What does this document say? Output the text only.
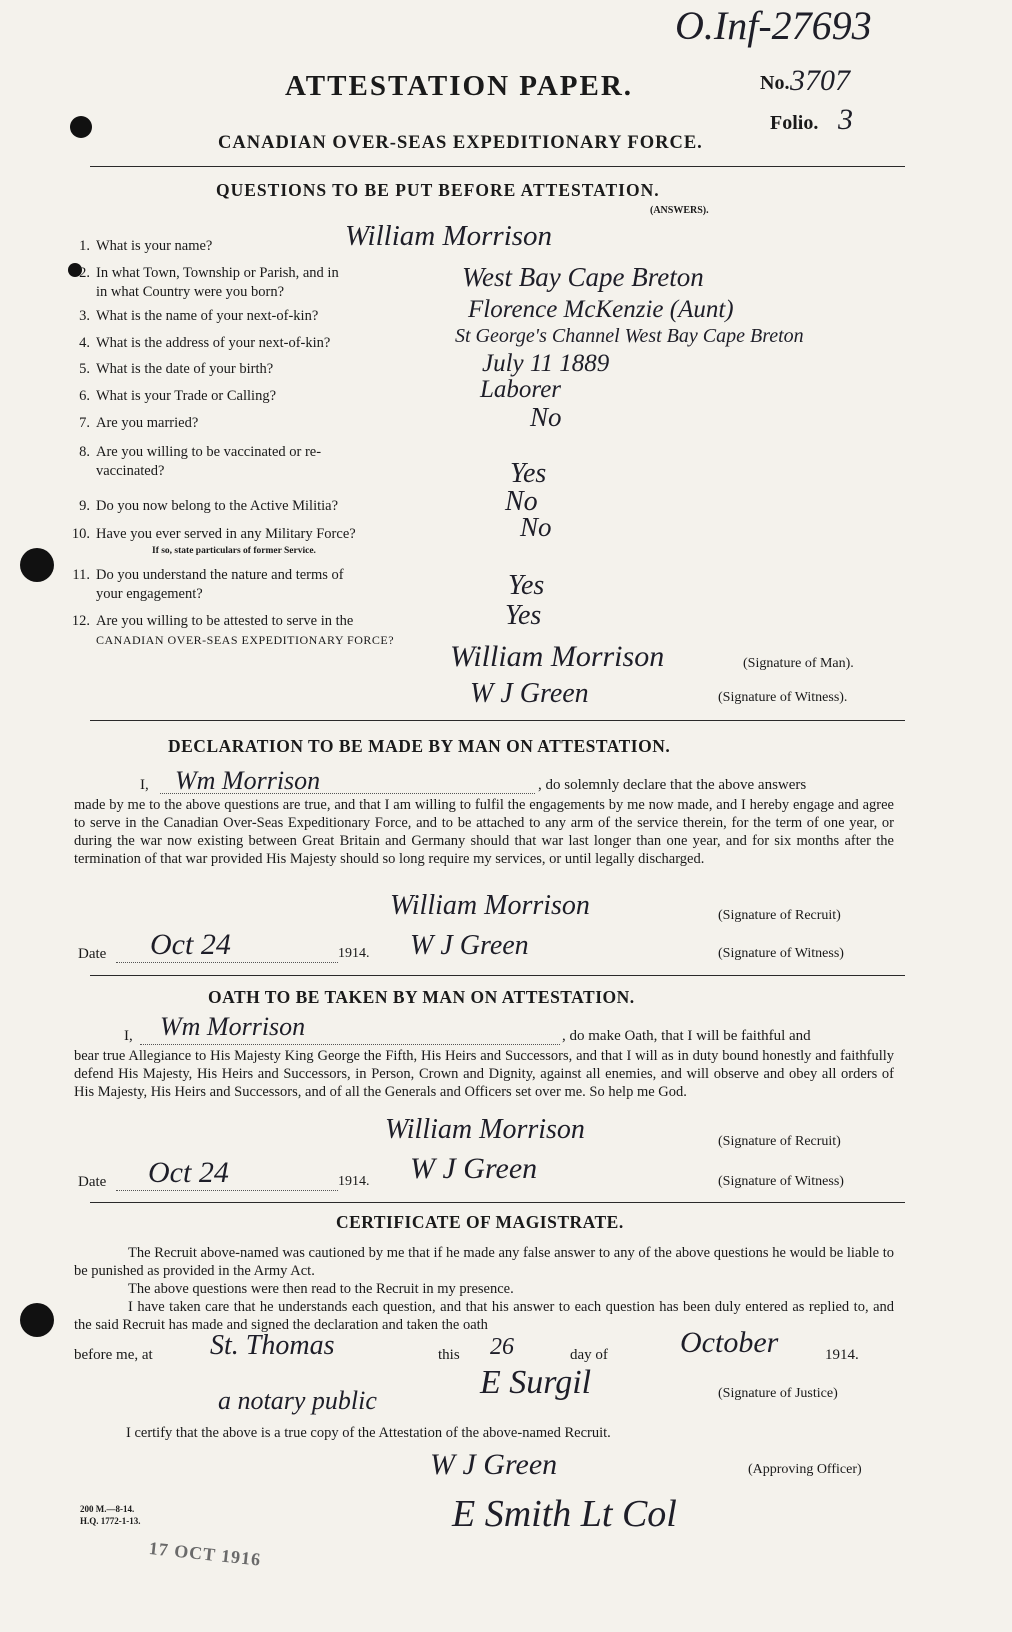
O.Inf-27693
ATTESTATION PAPER.	No. 3707
Folio. 3
CANADIAN OVER-SEAS EXPEDITIONARY FORCE.
QUESTIONS TO BE PUT BEFORE ATTESTATION.
(ANSWERS).
1. What is your name?	William Morrison
2. In what Town, Township or Parish, and in
in what Country were you born?	West Bay Cape Breton
3. What is the name of your next-of-kin?	Florence McKenzie (Aunt)
4. What is the address of your next-of-kin?	St George's Channel West Bay Cape Breton
5. What is the date of your birth?	July 11 1889
6. What is your Trade or Calling?	Laborer
7. Are you married?	No
8. Are you willing to be vaccinated or re-
vaccinated?	Yes
9. Do you now belong to the Active Militia?	No
10. Have you ever served in any Military Force?
If so, state particulars of former Service.
No
11. Do you understand the nature and terms of
your engagement?	Yes
12. Are you willing to be attested to serve in the
CANADIAN OVER-SEAS EXPEDITIONARY FORCE?
Yes
William Morrison	(Signature of Man).
W J Green	(Signature of Witness).
DECLARATION TO BE MADE BY MAN ON ATTESTATION.
I, Wm Morrison	, do solemnly declare that the above answers
made by me to the above questions are true, and that I am willing to fulfil the engagements by me now made, and I hereby engage and agree to serve in the Canadian Over-Seas Expeditionary Force, and to be attached to any arm of the service therein, for the term of one year, or during the war now existing between Great Britain and Germany should that war last longer than one year, and for six months after the termination of that war provided His Majesty should so long require my services, or until legally discharged.
William Morrison	(Signature of Recruit)
Date Oct 24	1914. W J Green	(Signature of Witness)
OATH TO BE TAKEN BY MAN ON ATTESTATION.
I, Wm Morrison	, do make Oath, that I will be faithful and
bear true Allegiance to His Majesty King George the Fifth, His Heirs and Successors, and that I will as in duty bound honestly and faithfully defend His Majesty, His Heirs and Successors, in Person, Crown and Dignity, against all enemies, and will observe and obey all orders of His Majesty, His Heirs and Successors, and of all the Generals and Officers set over me. So help me God.
William Morrison	(Signature of Recruit)
Date Oct 24	1914. W J Green	(Signature of Witness)
CERTIFICATE OF MAGISTRATE.
The Recruit above-named was cautioned by me that if he made any false answer to any of the above questions he would be liable to be punished as provided in the Army Act.
The above questions were then read to the Recruit in my presence.
I have taken care that he understands each question, and that his answer to each question has been duly entered as replied to, and the said Recruit has made and signed the declaration and taken the oath
before me, at St. Thomas	this 26	day of October	1914.
E Surgil
a notary public	(Signature of Justice)
I certify that the above is a true copy of the Attestation of the above-named Recruit.
W J Green	(Approving Officer)
E Smith Lt Col
200 M.—8-14.
H.Q. 1772-1-13.
17 OCT 1916
